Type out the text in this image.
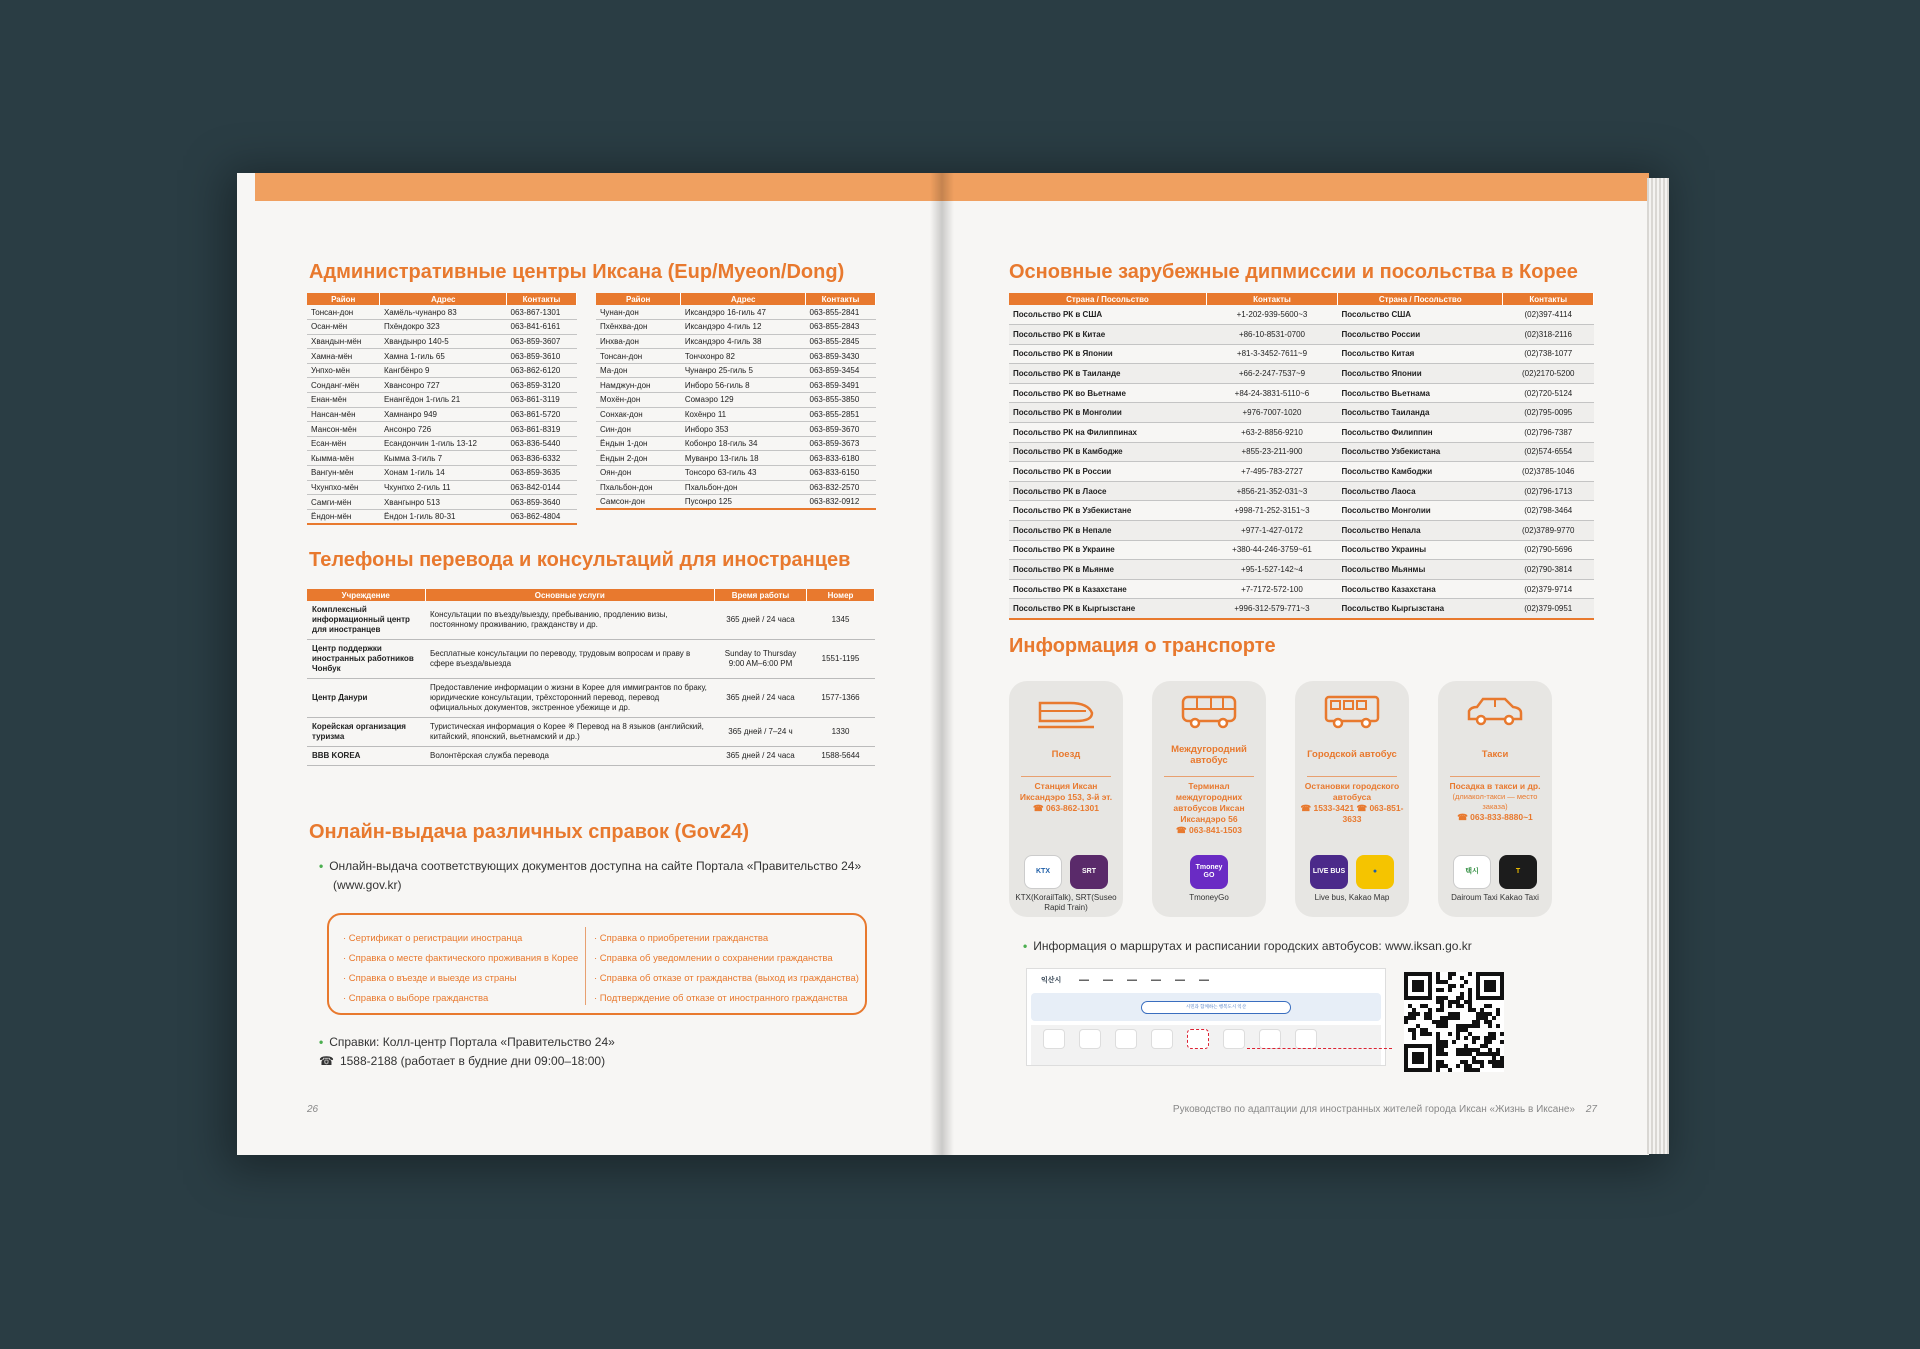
Административные центры Иксана (Eup/Myeon/Dong)
Район	Адрес	Контакты
Тонсан-дон	Хамёль-чунанро 83	063-867-1301
Осан-мён	Пхёндокро 323	063-841-6161
Хвандын-мён	Хвандынро 140-5	063-859-3607
Хамна-мён	Хамна 1-гиль 65	063-859-3610
Унпхо-мён	Кангбёнро 9	063-862-6120
Сонданг-мён	Хвансонро 727	063-859-3120
Енан-мён	Енангёдон 1-гиль 21	063-861-3119
Нансан-мён	Хамнанро 949	063-861-5720
Мансон-мён	Ансонро 726	063-861-8319
Есан-мён	Есандончин 1-гиль 13-12	063-836-5440
Кымма-мён	Кымма 3-гиль 7	063-836-6332
Вангун-мён	Хонам 1-гиль 14	063-859-3635
Чхунпхо-мён	Чхунпхо 2-гиль 11	063-842-0144
Самги-мён	Хвангынро 513	063-859-3640
Ёндон-мён	Ёндон 1-гиль 80-31	063-862-4804
Район	Адрес	Контакты
Чунан-дон	Иксандэро 16-гиль 47	063-855-2841
Пхёнхва-дон	Иксандэро 4-гиль 12	063-855-2843
Инхва-дон	Иксандэро 4-гиль 38	063-855-2845
Тонсан-дон	Тончхонро 82	063-859-3430
Ма-дон	Чунанро 25-гиль 5	063-859-3454
Намджун-дон	Инборо 56-гиль 8	063-859-3491
Моxён-дон	Сомаэро 129	063-855-3850
Сонхак-дон	Кохёнро 11	063-855-2851
Син-дон	Инборо 353	063-859-3670
Ёндын 1-дон	Кобонро 18-гиль 34	063-859-3673
Ёндын 2-дон	Муванро 13-гиль 18	063-833-6180
Оян-дон	Тонсоро 63-гиль 43	063-833-6150
Пхальбон-дон	Пхальбон-дон	063-832-2570
Самсон-дон	Пусонро 125	063-832-0912
Телефоны перевода и консультаций для иностранцев
Учреждение	Основные услуги	Время работы	Номер
Комплексный информационный центр для иностранцев	Консультации по въезду/выезду, пребыванию, продлению визы, постоянному проживанию, гражданству и др.	365 дней / 24 часа	1345
Центр поддержки иностранных работников Чонбук	Бесплатные консультации по переводу, трудовым вопросам и праву в сфере въезда/выезда	Sunday to Thursday 9:00 AM–6:00 PM	1551-1195
Центр Данури	Предоставление информации о жизни в Корее для иммигрантов по браку, юридические консультации, трёхсторонний перевод, перевод официальных документов, экстренное убежище и др.	365 дней / 24 часа	1577-1366
Корейская организация туризма	Туристическая информация о Корее ※ Перевод на 8 языков (английский, китайский, японский, вьетнамский и др.)	365 дней / 7–24 ч	1330
BBB KOREA	Волонтёрская служба перевода	365 дней / 24 часа	1588-5644
Онлайн-выдача различных справок (Gov24)
• Онлайн-выдача соответствующих документов доступна на сайте Портала «Правительство 24»
(www.gov.kr)
· Сертификат о регистрации иностранца
· Справка о месте фактического проживания в Корее
· Справка о въезде и выезде из страны
· Справка о выборе гражданства
· Справка о приобретении гражданства
· Справка об уведомлении о сохранении гражданства
· Справка об отказе от гражданства (выход из гражданства)
· Подтверждение об отказе от иностранного гражданства
• Справки: Колл-центр Портала «Правительство 24»
☎ 1588-2188 (работает в будние дни 09:00–18:00)
26
Основные зарубежные дипмиссии и посольства в Корее
Страна / Посольство	Контакты	Страна / Посольство	Контакты
Посольство РК в США	+1-202-939-5600~3	Посольство США	(02)397-4114
Посольство РК в Китае	+86-10-8531-0700	Посольство России	(02)318-2116
Посольство РК в Японии	+81-3-3452-7611~9	Посольство Китая	(02)738-1077
Посольство РК в Таиланде	+66-2-247-7537~9	Посольство Японии	(02)2170-5200
Посольство РК во Вьетнаме	+84-24-3831-5110~6	Посольство Вьетнама	(02)720-5124
Посольство РК в Монголии	+976-7007-1020	Посольство Таиланда	(02)795-0095
Посольство РК на Филиппинах	+63-2-8856-9210	Посольство Филиппин	(02)796-7387
Посольство РК в Камбодже	+855-23-211-900	Посольство Узбекистана	(02)574-6554
Посольство РК в России	+7-495-783-2727	Посольство Камбоджи	(02)3785-1046
Посольство РК в Лаосе	+856-21-352-031~3	Посольство Лаоса	(02)796-1713
Посольство РК в Узбекистане	+998-71-252-3151~3	Посольство Монголии	(02)798-3464
Посольство РК в Непале	+977-1-427-0172	Посольство Непала	(02)3789-9770
Посольство РК в Украине	+380-44-246-3759~61	Посольство Украины	(02)790-5696
Посольство РК в Мьянме	+95-1-527-142~4	Посольство Мьянмы	(02)790-3814
Посольство РК в Казахстане	+7-7172-572-100	Посольство Казахстана	(02)379-9714
Посольство РК в Кыргызстане	+996-312-579-771~3	Посольство Кыргызстана	(02)379-0951
Информация о транспорте
Поезд
Станция Иксан Иксандэро 153, 3-й эт.
☎ 063-862-1301
KTX	SRT
KTX(KorailTalk), SRT(Suseo Rapid Train)
Междугородний автобус
Терминал междугородних автобусов Иксан Иксандэро 56
☎ 063-841-1503
Tmoney GO
TmoneyGo
Городской автобус
Остановки городского автобуса
☎ 1533-3421 ☎ 063-851-3633
LIVE BUS	●
Live bus, Kakao Map
Такси
Посадка в такси и др.
(длиакол-такси — место заказа)
☎ 063-833-8880~1
택시	T
Dairoum Taxi Kakao Taxi
• Информация о маршрутах и расписании городских автобусов: www.iksan.go.kr
익산시	▬▬	▬▬	▬▬	▬▬	▬▬	▬▬
시민과 함께하는 행복도시 익산
Руководство по адаптации для иностранных жителей города Иксан «Жизнь в Иксане» 27
